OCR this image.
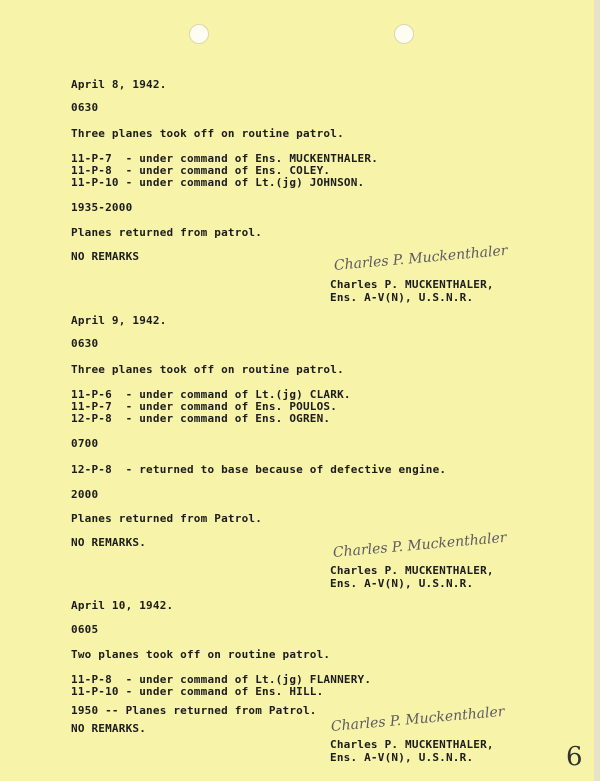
April 8, 1942.
0630
Three planes took off on routine patrol.
11-P-7  - under command of Ens. MUCKENTHALER.
11-P-8  - under command of Ens. COLEY.
11-P-10 - under command of Lt.(jg) JOHNSON.
1935-2000
Planes returned from patrol.
NO REMARKS	Charles P. Muckenthaler
Charles P. MUCKENTHALER,
Ens. A-V(N), U.S.N.R.
April 9, 1942.
0630
Three planes took off on routine patrol.
11-P-6  - under command of Lt.(jg) CLARK.
11-P-7  - under command of Ens. POULOS.
12-P-8  - under command of Ens. OGREN.
0700
12-P-8  - returned to base because of defective engine.
2000
Planes returned from Patrol.
NO REMARKS.	Charles P. Muckenthaler
Charles P. MUCKENTHALER,
Ens. A-V(N), U.S.N.R.
April 10, 1942.
0605
Two planes took off on routine patrol.
11-P-8  - under command of Lt.(jg) FLANNERY.
11-P-10 - under command of Ens. HILL.
1950 -- Planes returned from Patrol.
NO REMARKS.	Charles P. Muckenthaler
Charles P. MUCKENTHALER,
Ens. A-V(N), U.S.N.R.	6
